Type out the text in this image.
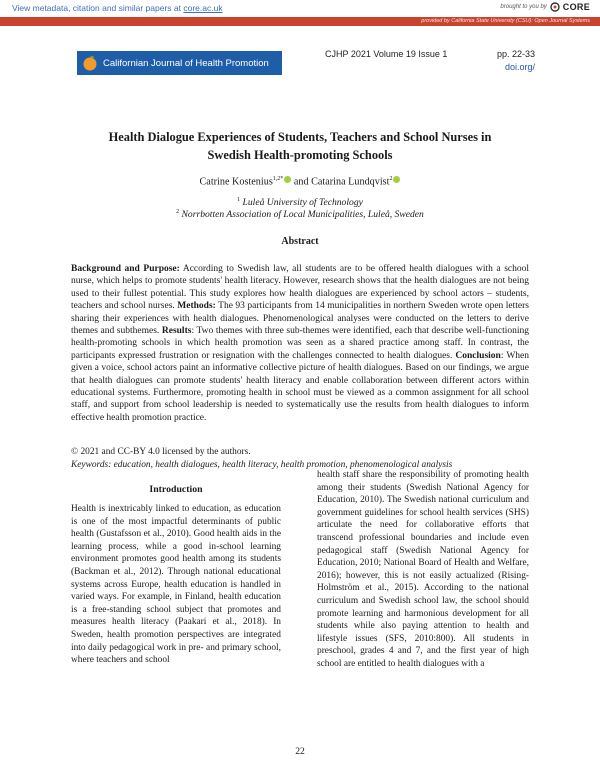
View metadata, citation and similar papers at core.ac.uk	brought to you by CORE
provided by California State University (CSU): Open Journal Systems
Californian Journal of Health Promotion
CJHP 2021 Volume 19 Issue 1	pp. 22-33
doi.org/
Health Dialogue Experiences of Students, Teachers and School Nurses in
Swedish Health-promoting Schools
Catrine Kostenius$^{1,2*}$ and Catarina Lundqvist$^2$
$^1$ Luleå University of Technology
$^2$ Norrbotten Association of Local Municipalities, Luleå, Sweden
Abstract
Background and Purpose: According to Swedish law, all students are to be offered health dialogues with a school nurse, which helps to promote students' health literacy. However, research shows that the health dialogues are not being used to their fullest potential. This study explores how health dialogues are experienced by school actors – students, teachers and school nurses. Methods: The 93 participants from 14 municipalities in northern Sweden wrote open letters sharing their experiences with health dialogues. Phenomenological analyses were conducted on the letters to derive themes and subthemes. Results: Two themes with three sub-themes were identified, each that describe well-functioning health-promoting schools in which health promotion was seen as a shared practice among staff. In contrast, the participants expressed frustration or resignation with the challenges connected to health dialogues. Conclusion: When given a voice, school actors paint an informative collective picture of health dialogues. Based on our findings, we argue that health dialogues can promote students' health literacy and enable collaboration between different actors within educational systems. Furthermore, promoting health in school must be viewed as a common assignment for all school staff, and support from school leadership is needed to systematically use the results from health dialogues to inform effective health promotion practice.
© 2021 and CC-BY 4.0 licensed by the authors.
Keywords: education, health dialogues, health literacy, health promotion, phenomenological analysis
Introduction
Health is inextricably linked to education, as education is one of the most impactful determinants of public health (Gustafsson et al., 2010). Good health aids in the learning process, while a good in-school learning environment promotes good health among its students (Backman et al., 2012). Through national educational systems across Europe, health education is handled in varied ways. For example, in Finland, health education is a free-standing school subject that promotes and measures health literacy (Paakari et al., 2018). In Sweden, health promotion perspectives are integrated into daily pedagogical work in pre- and primary school, where teachers and school
health staff share the responsibility of promoting health among their students (Swedish National Agency for Education, 2010). The Swedish national curriculum and government guidelines for school health services (SHS) articulate the need for collaborative efforts that transcend professional boundaries and include even pedagogical staff (Swedish National Agency for Education, 2010; National Board of Health and Welfare, 2016); however, this is not easily actualized (Rising-Holmström et al., 2015). According to the national curriculum and Swedish school law, the school should promote learning and harmonious development for all students while also paying attention to health and lifestyle issues (SFS, 2010:800). All students in preschool, grades 4 and 7, and the first year of high school are entitled to health dialogues with a
22
